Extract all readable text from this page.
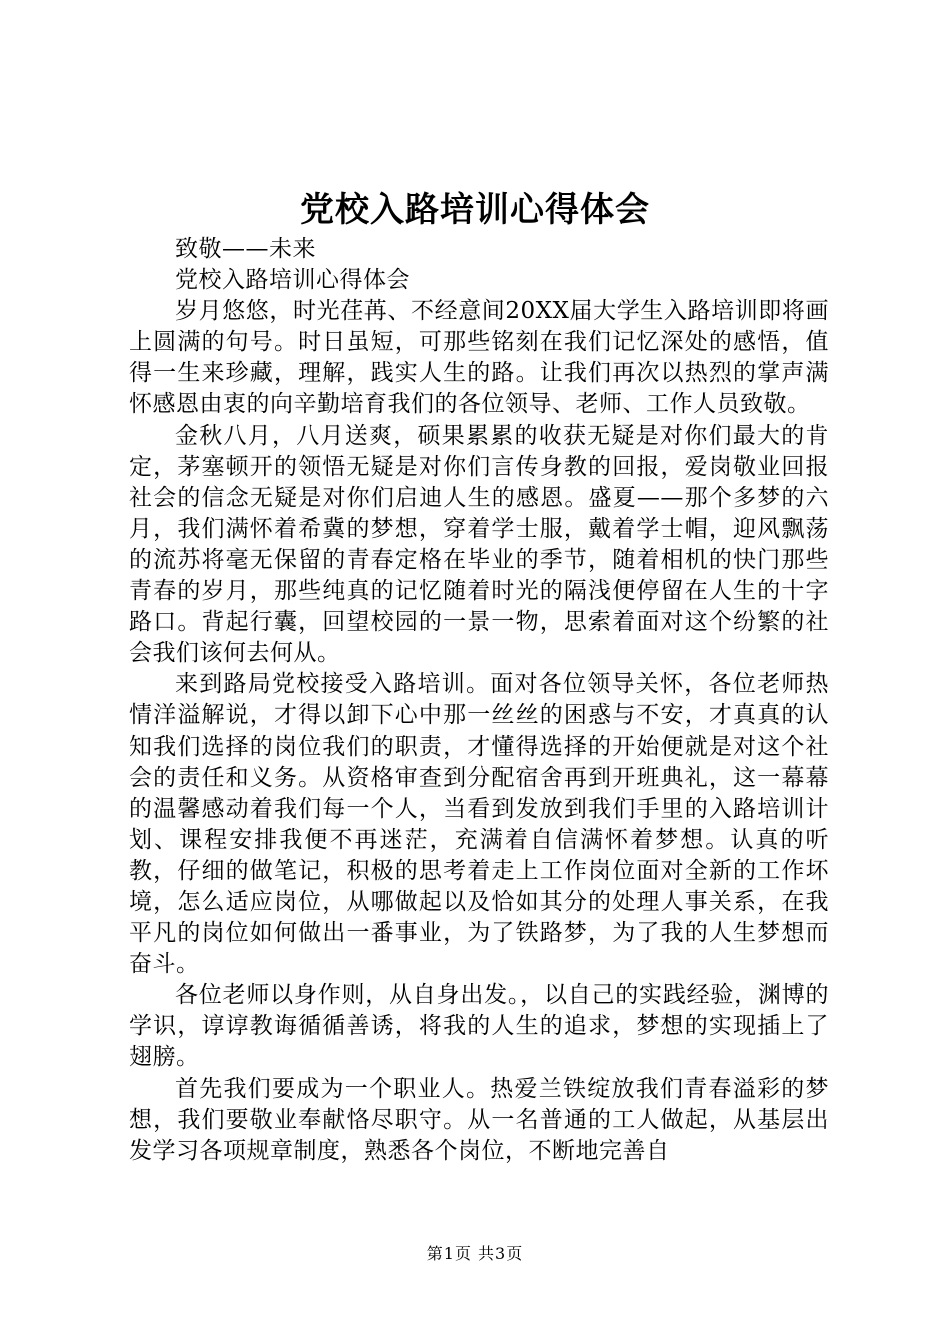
党校入路培训心得体会

致敬——未来

党校入路培训心得体会

岁月悠悠，时光荏苒、不经意间20XX届大学生入路培训即将画上圆满的句号。时日虽短，可那些铭刻在我们记忆深处的感悟，值得一生来珍藏，理解，践实人生的路。让我们再次以热烈的掌声满怀感恩由衷的向辛勤培育我们的各位领导、老师、工作人员致敬。

金秋八月，八月送爽，硕果累累的收获无疑是对你们最大的肯定，茅塞顿开的领悟无疑是对你们言传身教的回报，爱岗敬业回报社会的信念无疑是对你们启迪人生的感恩。盛夏——那个多梦的六月，我们满怀着希冀的梦想，穿着学士服，戴着学士帽，迎风飘荡的流苏将毫无保留的青春定格在毕业的季节，随着相机的快门那些青春的岁月，那些纯真的记忆随着时光的隔浅便停留在人生的十字路口。背起行囊，回望校园的一景一物，思索着面对这个纷繁的社会我们该何去何从。

来到路局党校接受入路培训。面对各位领导关怀，各位老师热情洋溢解说，才得以卸下心中那一丝丝的困惑与不安，才真真的认知我们选择的岗位我们的职责，才懂得选择的开始便就是对这个社会的责任和义务。从资格审查到分配宿舍再到开班典礼，这一幕幕的温馨感动着我们每一个人，当看到发放到我们手里的入路培训计划、课程安排我便不再迷茫，充满着自信满怀着梦想。认真的听教，仔细的做笔记，积极的思考着走上工作岗位面对全新的工作坏境，怎么适应岗位，从哪做起以及恰如其分的处理人事关系，在我平凡的岗位如何做出一番事业，为了铁路梦，为了我的人生梦想而奋斗。

各位老师以身作则，从自身出发。，以自己的实践经验，渊博的学识，谆谆教诲循循善诱，将我的人生的追求，梦想的实现插上了翅膀。

首先我们要成为一个职业人。热爱兰铁绽放我们青春溢彩的梦想，我们要敬业奉献恪尽职守。从一名普通的工人做起，从基层出发学习各项规章制度，熟悉各个岗位，不断地完善自

第1页 共3页
